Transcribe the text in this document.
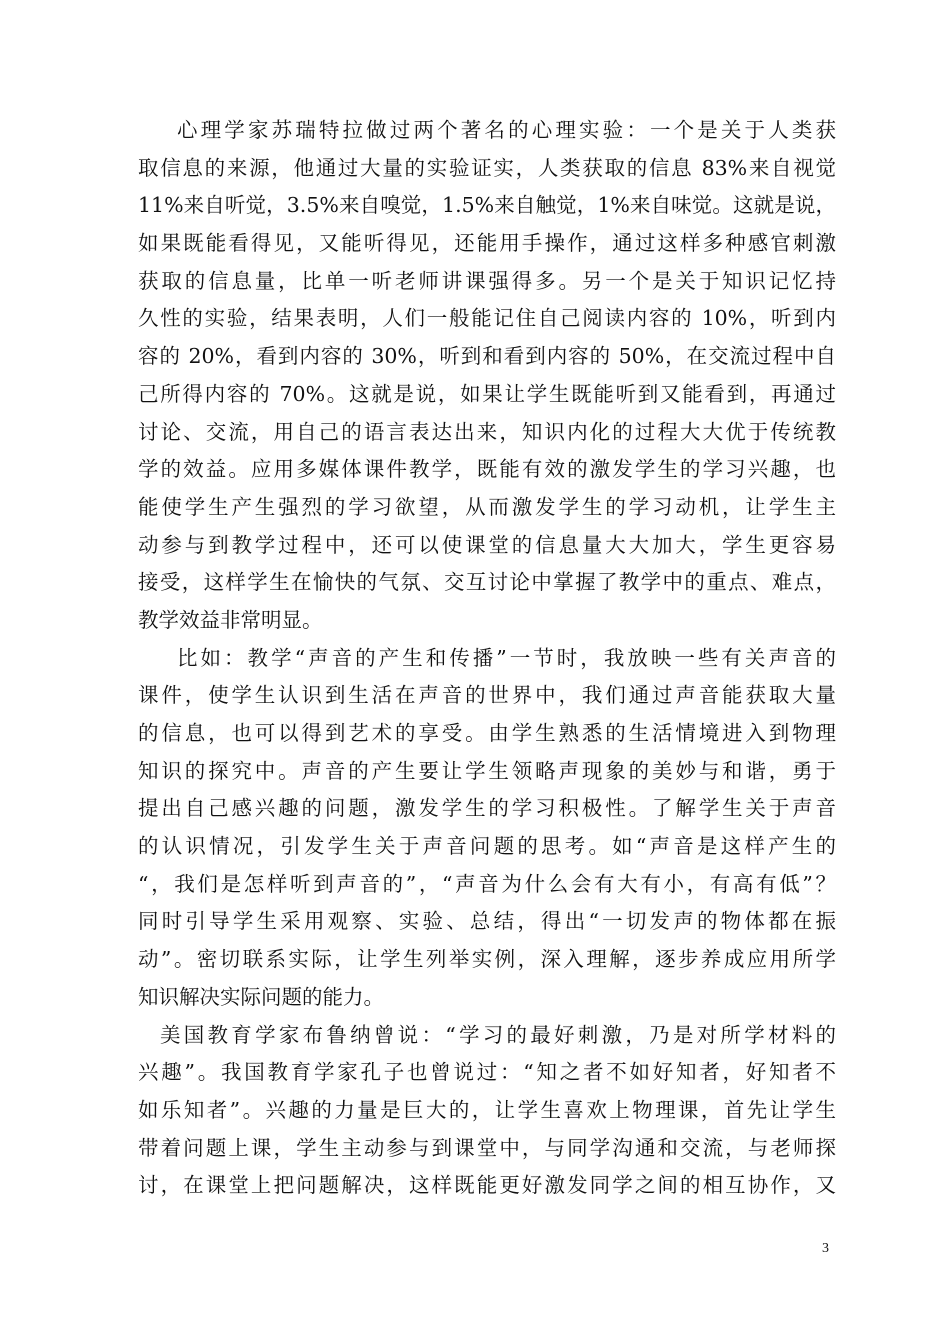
心理学家苏瑞特拉做过两个著名的心理实验：一个是关于人类获
取信息的来源，他通过大量的实验证实，人类获取的信息 83%来自视觉
11%来自听觉，3.5%来自嗅觉，1.5%来自触觉，1%来自味觉。这就是说，
如果既能看得见，又能听得见，还能用手操作，通过这样多种感官刺激
获取的信息量，比单一听老师讲课强得多。另一个是关于知识记忆持
久性的实验，结果表明，人们一般能记住自己阅读内容的 10%，听到内
容的 20%，看到内容的 30%，听到和看到内容的 50%，在交流过程中自
己所得内容的 70%。这就是说，如果让学生既能听到又能看到，再通过
讨论、交流，用自己的语言表达出来，知识内化的过程大大优于传统教
学的效益。应用多媒体课件教学，既能有效的激发学生的学习兴趣，也
能使学生产生强烈的学习欲望，从而激发学生的学习动机，让学生主
动参与到教学过程中，还可以使课堂的信息量大大加大，学生更容易
接受，这样学生在愉快的气氛、交互讨论中掌握了教学中的重点、难点，
教学效益非常明显。
比如：教学“声音的产生和传播”一节时，我放映一些有关声音的
课件，使学生认识到生活在声音的世界中，我们通过声音能获取大量
的信息，也可以得到艺术的享受。由学生熟悉的生活情境进入到物理
知识的探究中。声音的产生要让学生领略声现象的美妙与和谐，勇于
提出自己感兴趣的问题，激发学生的学习积极性。了解学生关于声音
的认识情况，引发学生关于声音问题的思考。如“声音是这样产生的
“，我们是怎样听到声音的”，“声音为什么会有大有小，有高有低”？
同时引导学生采用观察、实验、总结，得出“一切发声的物体都在振
动”。密切联系实际，让学生列举实例，深入理解，逐步养成应用所学
知识解决实际问题的能力。
美国教育学家布鲁纳曾说：“学习的最好刺激，乃是对所学材料的
兴趣”。我国教育学家孔子也曾说过：“知之者不如好知者，好知者不
如乐知者”。兴趣的力量是巨大的，让学生喜欢上物理课，首先让学生
带着问题上课，学生主动参与到课堂中，与同学沟通和交流，与老师探
讨，在课堂上把问题解决，这样既能更好激发同学之间的相互协作，又
3
